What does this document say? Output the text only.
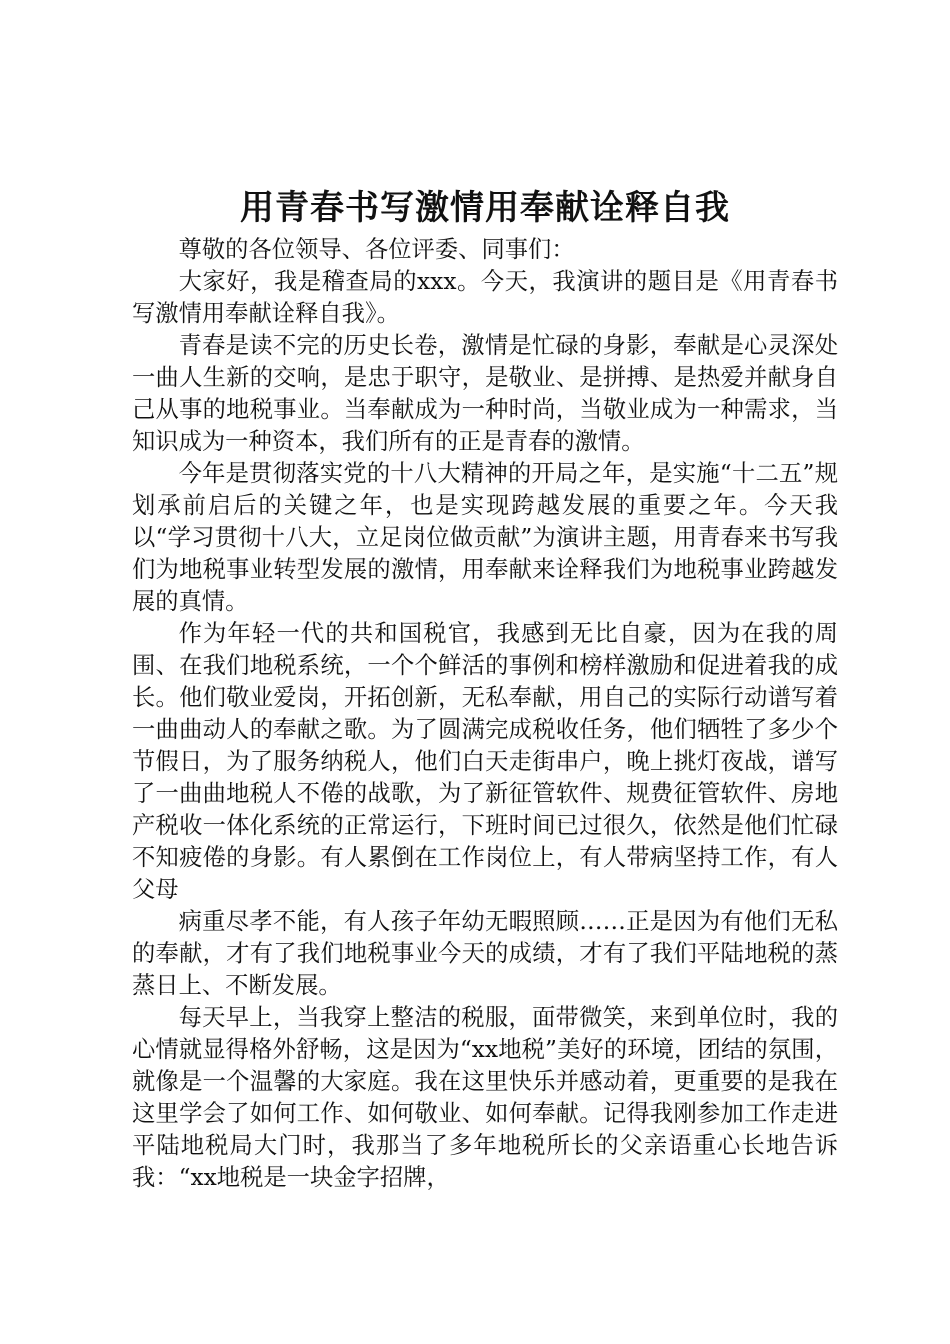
用青春书写激情用奉献诠释自我

尊敬的各位领导、各位评委、同事们：

大家好，我是稽查局的xxx。今天，我演讲的题目是《用青春书写激情用奉献诠释自我》。

青春是读不完的历史长卷，激情是忙碌的身影，奉献是心灵深处一曲人生新的交响，是忠于职守，是敬业、是拼搏、是热爱并献身自己从事的地税事业。当奉献成为一种时尚，当敬业成为一种需求，当知识成为一种资本，我们所有的正是青春的激情。

今年是贯彻落实党的十八大精神的开局之年，是实施“十二五”规划承前启后的关键之年，也是实现跨越发展的重要之年。今天我以“学习贯彻十八大，立足岗位做贡献”为演讲主题，用青春来书写我们为地税事业转型发展的激情，用奉献来诠释我们为地税事业跨越发展的真情。

作为年轻一代的共和国税官，我感到无比自豪，因为在我的周围、在我们地税系统，一个个鲜活的事例和榜样激励和促进着我的成长。他们敬业爱岗，开拓创新，无私奉献，用自己的实际行动谱写着一曲曲动人的奉献之歌。为了圆满完成税收任务，他们牺牲了多少个节假日，为了服务纳税人，他们白天走街串户，晚上挑灯夜战，谱写了一曲曲地税人不倦的战歌，为了新征管软件、规费征管软件、房地产税收一体化系统的正常运行，下班时间已过很久，依然是他们忙碌不知疲倦的身影。有人累倒在工作岗位上，有人带病坚持工作，有人父母

病重尽孝不能，有人孩子年幼无暇照顾……正是因为有他们无私的奉献，才有了我们地税事业今天的成绩，才有了我们平陆地税的蒸蒸日上、不断发展。

每天早上，当我穿上整洁的税服，面带微笑，来到单位时，我的心情就显得格外舒畅，这是因为“xx地税”美好的环境，团结的氛围，就像是一个温馨的大家庭。我在这里快乐并感动着，更重要的是我在这里学会了如何工作、如何敬业、如何奉献。记得我刚参加工作走进平陆地税局大门时，我那当了多年地税所长的父亲语重心长地告诉我：“xx地税是一块金字招牌，
